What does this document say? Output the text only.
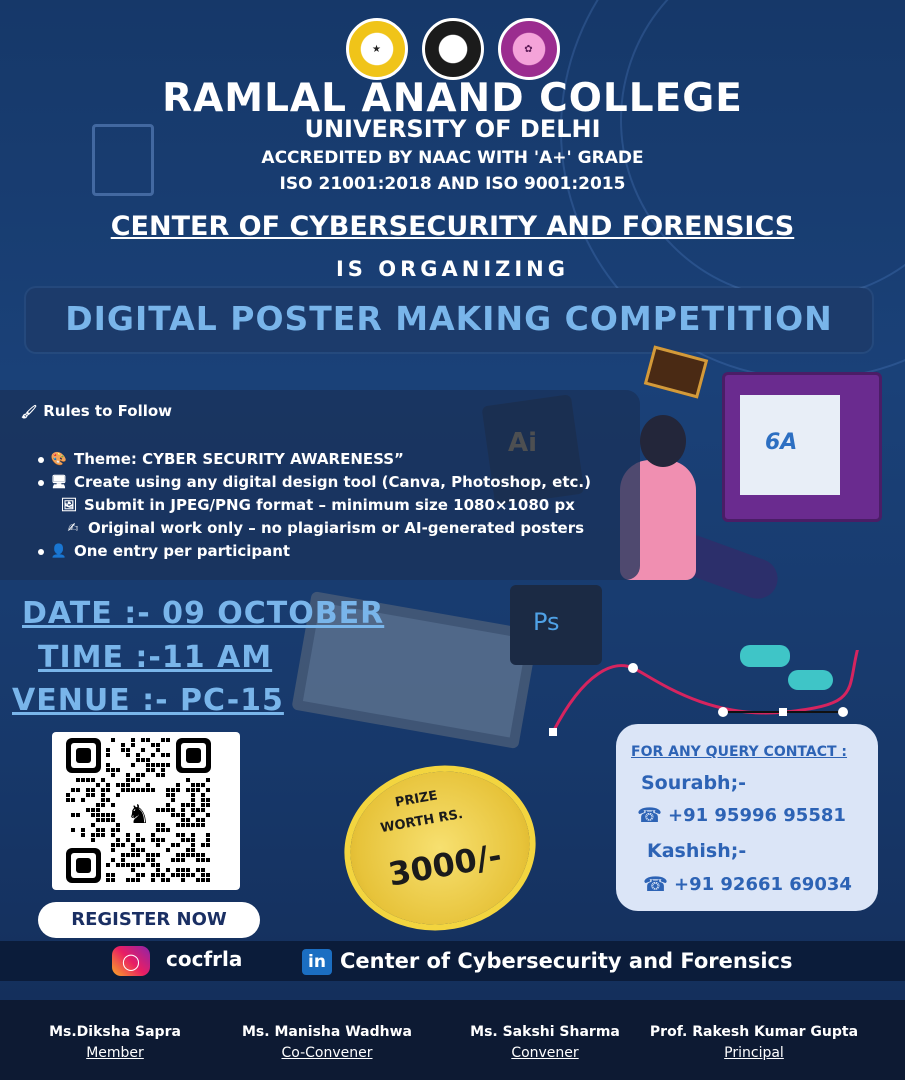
★	▦	✿
RAMLAL ANAND COLLEGE
UNIVERSITY OF DELHI
ACCREDITED BY NAAC WITH 'A+' GRADE
ISO 21001:2018 AND ISO 9001:2015
CENTER OF CYBERSECURITY AND FORENSICS
IS ORGANIZING
DIGITAL POSTER MAKING COMPETITION
Ps
6A
🖌 Rules to Follow
🎨 Theme: CYBER SECURITY AWARENESS”
🖥 Create using any digital design tool (Canva, Photoshop, etc.)
🖼 Submit in JPEG/PNG format – minimum size 1080×1080 px
✍ Original work only – no plagiarism or AI-generated posters
👤 One entry per participant
DATE :- 09 OCTOBER
TIME :-11 AM
VENUE :- PC-15
♞
REGISTER NOW
PRIZE
WORTH RS.
3000/-
FOR ANY QUERY CONTACT :
Sourabh;-
☎ +91 95996 95581
Kashish;-
☎ +91 92661 69034
◯	cocfrla	in Center of Cybersecurity and Forensics
Ms.Diksha Sapra
Member
Ms. Manisha Wadhwa
Co-Convener
Ms. Sakshi Sharma
Convener
Prof. Rakesh Kumar Gupta
Principal
